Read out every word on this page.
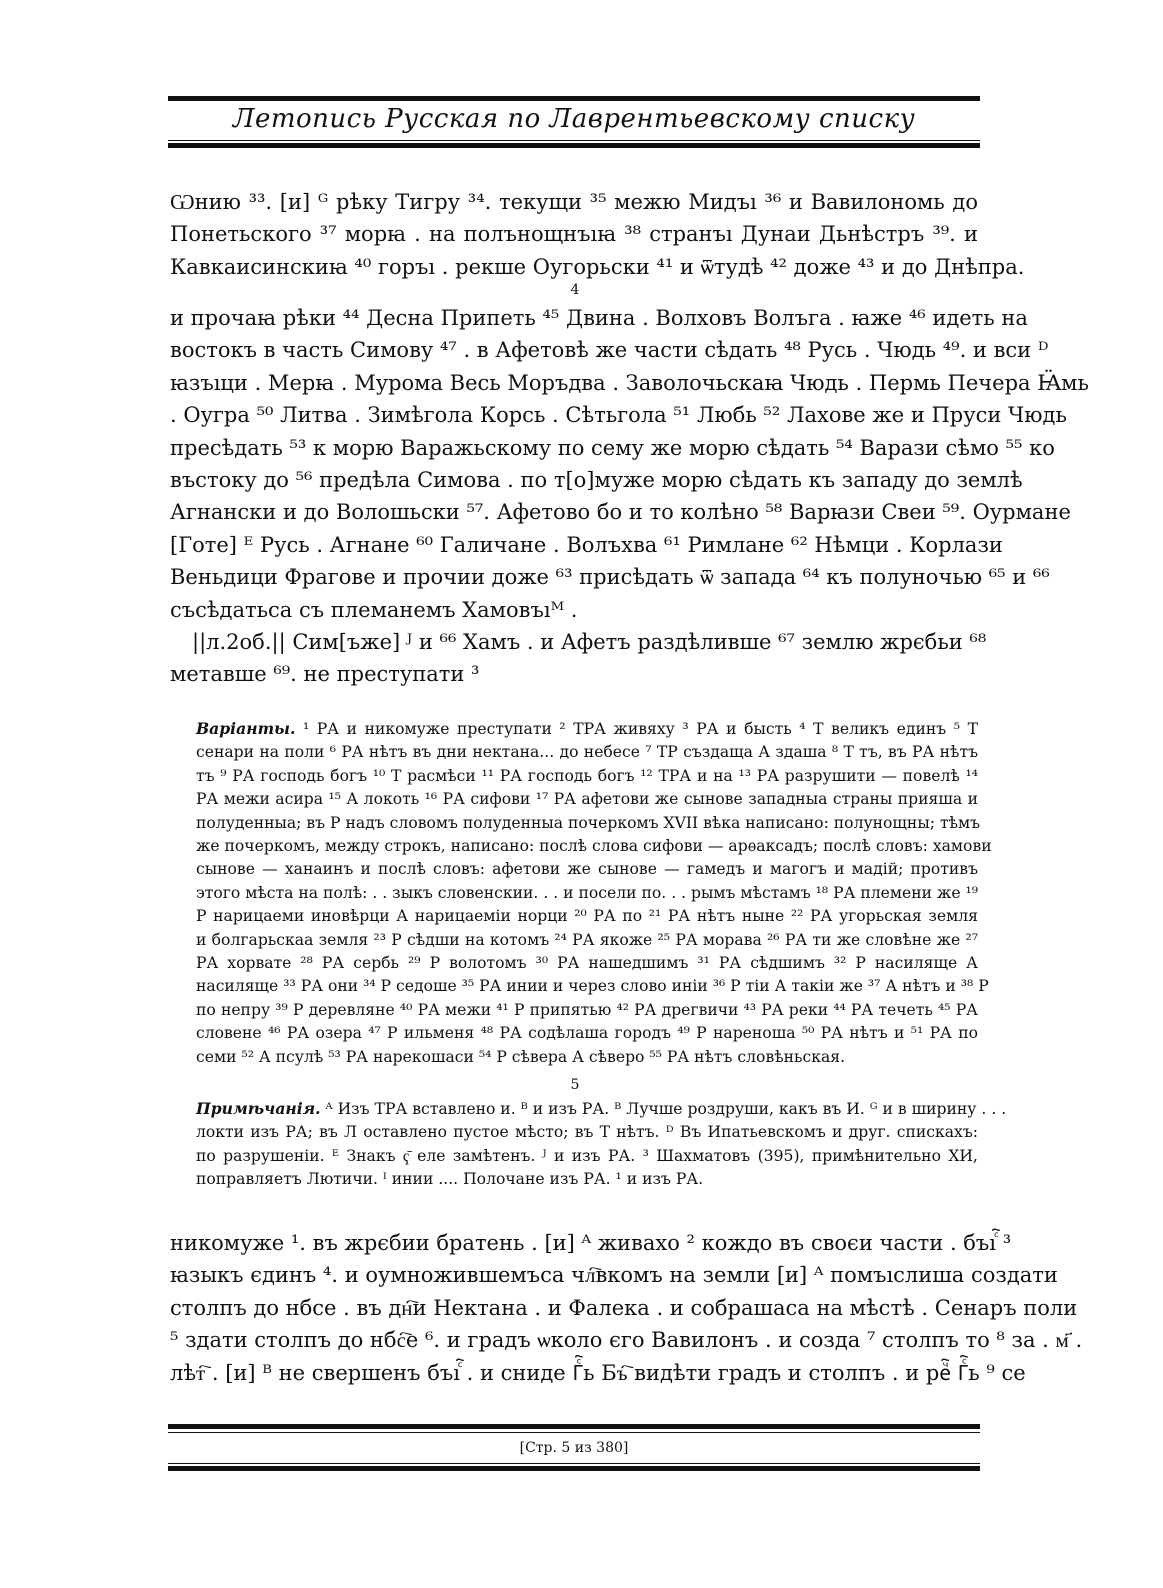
Летопись Русская по Лаврентьевскому списку
Ѡнию ³³. [и] ᴳ рѣку Тигру ³⁴. текущи ³⁵ межю Мидъı ³⁶ и Вавилономь до
Понетьского ³⁷ морꙗ . на полънощнъıꙗ ³⁸ странъı Дунаи Дьнѣстръ ³⁹. и
Кавкаисинскиꙗ ⁴⁰ горъı . рекше Оугорьски ⁴¹ и ѿтудѣ ⁴² доже ⁴³ и до Днѣпра.
4
и прочаꙗ рѣки ⁴⁴ Десна Припеть ⁴⁵ Двина . Волховъ Волъга . ꙗже ⁴⁶ идеть на
востокъ в часть Симову ⁴⁷ . в Афетовѣ же части сѣдать ⁴⁸ Русь . Чюдь ⁴⁹. и вси ᴰ
ꙗзъıци . Мерꙗ . Мурома Весь Моръдва . Заволочьскаꙗ Чюдь . Пермь Печера Ꙗ̈мь
. Оугра ⁵⁰ Литва . Зимѣгола Корсь . Сѣтьгола ⁵¹ Любь ⁵² Лахове же и Пруси Чюдь
пресѣдать ⁵³ к морю Варажьскому по сему же морю сѣдать ⁵⁴ Варази сѣмо ⁵⁵ ко
въстоку до ⁵⁶ предѣла Симова . по т[о]муже морю сѣдать къ западу до землѣ
Агнански и до Волошьски ⁵⁷. Афетово бо и то колѣно ⁵⁸ Варꙗзи Свеи ⁵⁹. Оурмане
[Готе] ᴱ Русь . Агнане ⁶⁰ Галичане . Волъхва ⁶¹ Римлане ⁶² Нѣмци . Корлази
Веньдици Фрагове и прочии доже ⁶³ присѣдать ѿ запада ⁶⁴ къ полуночью ⁶⁵ и ⁶⁶
съсѣдатьса съ племанемъ Хамовъıᴹ .
||л.2об.|| Сим[ъже] ᴶ и ⁶⁶ Хамъ . и Афетъ раздѣливше ⁶⁷ землю жрєбьи ⁶⁸
метавше ⁶⁹. не преступати ³
Варіанты. ¹ РА и никомуже преступати ² ТРА живяху ³ РА и бысть ⁴ Т великъ единъ ⁵ Т
сенари на поли ⁶ РА нѣтъ въ дни нектана... до небесе ⁷ ТР създаща А здаша ⁸ Т тъ, въ РА нѣтъ
тъ ⁹ РА господь богъ ¹⁰ Т расмѣси ¹¹ РА господь богъ ¹² ТРА и на ¹³ РА разрушити — повелѣ ¹⁴
РА межи асира ¹⁵ А локоть ¹⁶ РА сифови ¹⁷ РА афетови же сынове западныа страны прияша и
полуденныа; въ Р надъ словомъ полуденныа почеркомъ XVII вѣка написано: полунощны; тѣмъ
же почеркомъ, между строкъ, написано: послѣ слова сифови — арѳаксадъ; послѣ словъ: хамови
сынове — ханаинъ и послѣ словъ: афетови же сынове — гамедъ и магогъ и мадій; противъ
этого мѣста на полѣ: . . зыкъ словенскии. . . и посели по. . . рымъ мѣстамъ ¹⁸ РА племени же ¹⁹
Р нарицаеми иновѣрци А нарицаеміи норци ²⁰ РА по ²¹ РА нѣтъ ныне ²² РА угорьская земля
и болгарьскаа земля ²³ Р сѣдши на котомъ ²⁴ РА якоже ²⁵ РА морава ²⁶ РА ти же словѣне же ²⁷
РА хорвате ²⁸ РА сербь ²⁹ Р волотомъ ³⁰ РА нашедшимъ ³¹ РА сѣдшимъ ³² Р насиляще А
насиляще ³³ РА они ³⁴ Р седоше ³⁵ РА инии и через слово иніи ³⁶ Р тіи А такіи же ³⁷ А нѣтъ и ³⁸ Р
по непру ³⁹ Р деревляне ⁴⁰ РА межи ⁴¹ Р припятью ⁴² РА дрегвичи ⁴³ РА реки ⁴⁴ РА течеть ⁴⁵ РА
словене ⁴⁶ РА озера ⁴⁷ Р ильменя ⁴⁸ РА содѣлаша городъ ⁴⁹ Р нареноша ⁵⁰ РА нѣтъ и ⁵¹ РА по
семи ⁵² А псулѣ ⁵³ РА нарекошаси ⁵⁴ Р сѣвера А сѣверо ⁵⁵ РА нѣтъ словѣньская.
5
Примѣчанія. ᴬ Изъ ТРА вставлено и. ᴮ и изъ РА. ᴮ Лучше роздруши, какъ въ И. ᴳ и в ширину . . .
локти изъ РА; въ Л оставлено пустое мѣсто; въ Т нѣтъ. ᴰ Въ Ипатьевскомъ и друг. спискахъ:
по разрушеніи. ᴱ Знакъ ҁ̄ еле замѣтенъ. ᴶ и изъ РА. ³ Шахматовъ (395), примѣнительно ХИ,
поправляетъ Лютичи. ᴵ инии .... Полочане изъ РА. ¹ и изъ РА.
никомуже ¹. въ жрєбии братень . [и] ᴬ живахо ² кождо въ своєи части . бъıⷭ҇ ³
ꙗзыкъ єдинъ ⁴. и оумножившемъса чл҇вкомъ на земли [и] ᴬ помъıслиша создати
столпъ до нбсе . въ дн҇и Нектана . и Фалека . и собрашаса на мѣстѣ . Сенаръ поли
⁵ здати столпъ до нбс҇е ⁶. и градъ ѡколо єго Вавилонъ . и созда ⁷ столпъ то ⁸ за . м҃ .
лѣт҇ . [и] ᴮ не свершенъ бъıⷭ҇ . и сниде Гⷭ҇ь Бъ҇ видѣти градъ и столпъ . и реⷱ҇ Гⷭ҇ь ⁹ се
[Стр. 5 из 380]
